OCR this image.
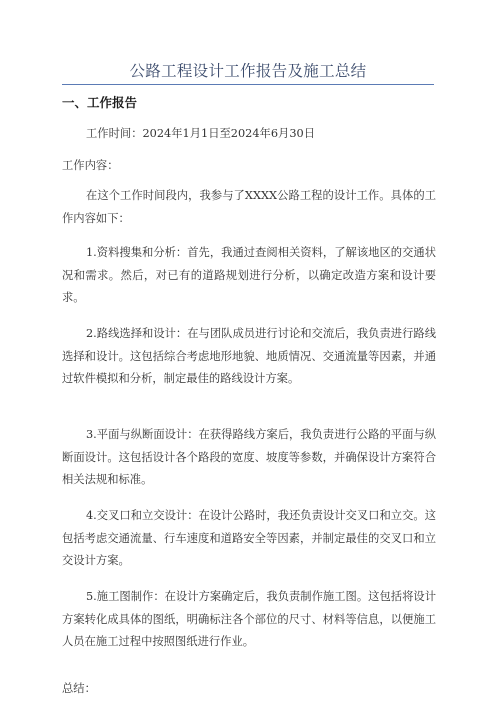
公路工程设计工作报告及施工总结
一、工作报告
工作时间：2024年1月1日至2024年6月30日
工作内容：
在这个工作时间段内，我参与了XXXX公路工程的设计工作。具体的工作内容如下：
1.资料搜集和分析：首先，我通过查阅相关资料，了解该地区的交通状况和需求。然后，对已有的道路规划进行分析，以确定改造方案和设计要求。
2.路线选择和设计：在与团队成员进行讨论和交流后，我负责进行路线选择和设计。这包括综合考虑地形地貌、地质情况、交通流量等因素，并通过软件模拟和分析，制定最佳的路线设计方案。
3.平面与纵断面设计：在获得路线方案后，我负责进行公路的平面与纵断面设计。这包括设计各个路段的宽度、坡度等参数，并确保设计方案符合相关法规和标准。
4.交叉口和立交设计：在设计公路时，我还负责设计交叉口和立交。这包括考虑交通流量、行车速度和道路安全等因素，并制定最佳的交叉口和立交设计方案。
5.施工图制作：在设计方案确定后，我负责制作施工图。这包括将设计方案转化成具体的图纸，明确标注各个部位的尺寸、材料等信息，以便施工人员在施工过程中按照图纸进行作业。
总结：
